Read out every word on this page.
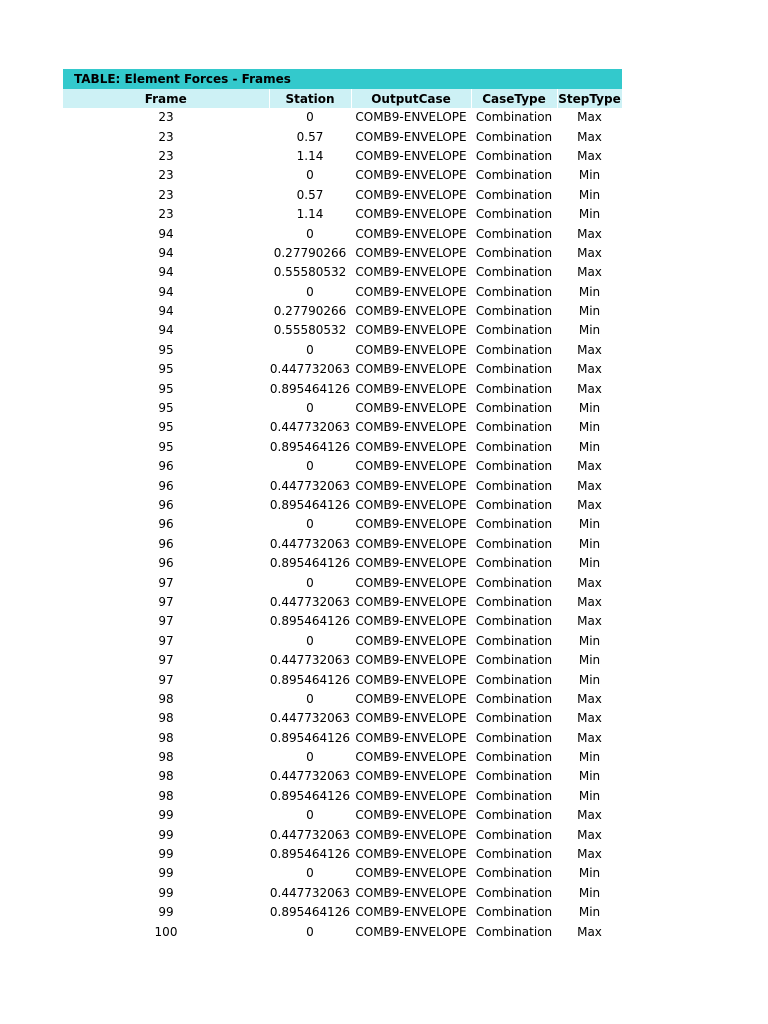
TABLE: Element Forces - Frames
Frame	Station	OutputCase	CaseType	StepType
23	0	COMB9-ENVELOPE	Combination	Max
23	0.57	COMB9-ENVELOPE	Combination	Max
23	1.14	COMB9-ENVELOPE	Combination	Max
23	0	COMB9-ENVELOPE	Combination	Min
23	0.57	COMB9-ENVELOPE	Combination	Min
23	1.14	COMB9-ENVELOPE	Combination	Min
94	0	COMB9-ENVELOPE	Combination	Max
94	0.27790266	COMB9-ENVELOPE	Combination	Max
94	0.55580532	COMB9-ENVELOPE	Combination	Max
94	0	COMB9-ENVELOPE	Combination	Min
94	0.27790266	COMB9-ENVELOPE	Combination	Min
94	0.55580532	COMB9-ENVELOPE	Combination	Min
95	0	COMB9-ENVELOPE	Combination	Max
95	0.447732063	COMB9-ENVELOPE	Combination	Max
95	0.895464126	COMB9-ENVELOPE	Combination	Max
95	0	COMB9-ENVELOPE	Combination	Min
95	0.447732063	COMB9-ENVELOPE	Combination	Min
95	0.895464126	COMB9-ENVELOPE	Combination	Min
96	0	COMB9-ENVELOPE	Combination	Max
96	0.447732063	COMB9-ENVELOPE	Combination	Max
96	0.895464126	COMB9-ENVELOPE	Combination	Max
96	0	COMB9-ENVELOPE	Combination	Min
96	0.447732063	COMB9-ENVELOPE	Combination	Min
96	0.895464126	COMB9-ENVELOPE	Combination	Min
97	0	COMB9-ENVELOPE	Combination	Max
97	0.447732063	COMB9-ENVELOPE	Combination	Max
97	0.895464126	COMB9-ENVELOPE	Combination	Max
97	0	COMB9-ENVELOPE	Combination	Min
97	0.447732063	COMB9-ENVELOPE	Combination	Min
97	0.895464126	COMB9-ENVELOPE	Combination	Min
98	0	COMB9-ENVELOPE	Combination	Max
98	0.447732063	COMB9-ENVELOPE	Combination	Max
98	0.895464126	COMB9-ENVELOPE	Combination	Max
98	0	COMB9-ENVELOPE	Combination	Min
98	0.447732063	COMB9-ENVELOPE	Combination	Min
98	0.895464126	COMB9-ENVELOPE	Combination	Min
99	0	COMB9-ENVELOPE	Combination	Max
99	0.447732063	COMB9-ENVELOPE	Combination	Max
99	0.895464126	COMB9-ENVELOPE	Combination	Max
99	0	COMB9-ENVELOPE	Combination	Min
99	0.447732063	COMB9-ENVELOPE	Combination	Min
99	0.895464126	COMB9-ENVELOPE	Combination	Min
100	0	COMB9-ENVELOPE	Combination	Max
